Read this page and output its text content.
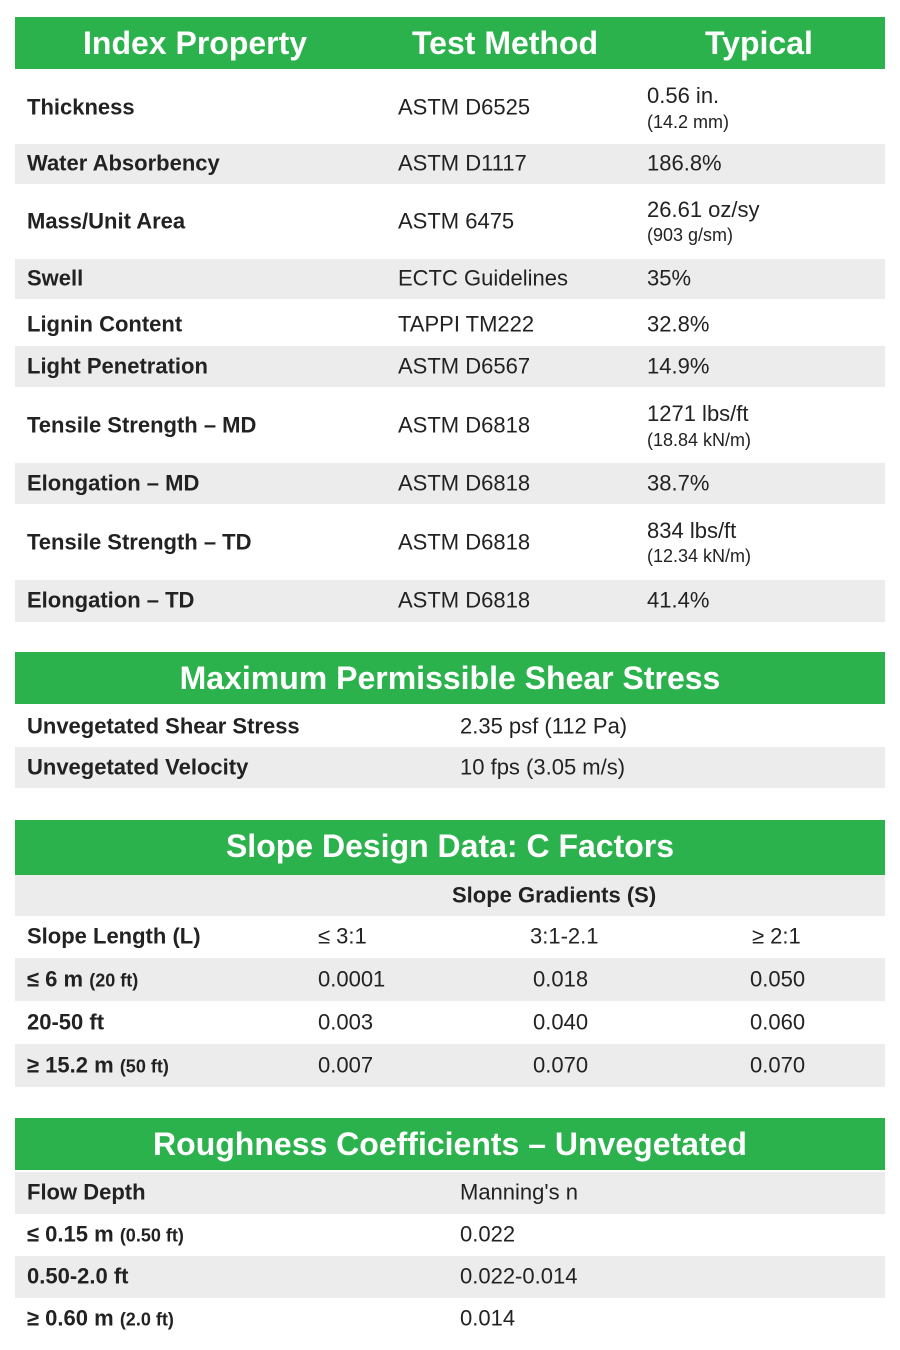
Index Property	Test Method	Typical
Thickness	ASTM D6525	0.56 in.
(14.2 mm)
Water Absorbency	ASTM D1117	186.8%
Mass/Unit Area	ASTM 6475	26.61 oz/sy
(903 g/sm)
Swell	ECTC Guidelines	35%
Lignin Content	TAPPI TM222	32.8%
Light Penetration	ASTM D6567	14.9%
Tensile Strength – MD	ASTM D6818	1271 lbs/ft
(18.84 kN/m)
Elongation – MD	ASTM D6818	38.7%
Tensile Strength – TD	ASTM D6818	834 lbs/ft
(12.34 kN/m)
Elongation – TD	ASTM D6818	41.4%
Maximum Permissible Shear Stress
Unvegetated Shear Stress	2.35 psf (112 Pa)
Unvegetated Velocity	10 fps (3.05 m/s)
Slope Design Data: C Factors
Slope Gradients (S)
Slope Length (L)	≤ 3:1	3:1-2.1	≥ 2:1
≤ 6 m (20 ft)	0.0001	0.018	0.050
20-50 ft	0.003	0.040	0.060
≥ 15.2 m (50 ft)	0.007	0.070	0.070
Roughness Coefficients – Unvegetated
Flow Depth	Manning's n
≤ 0.15 m (0.50 ft)	0.022
0.50-2.0 ft	0.022-0.014
≥ 0.60 m (2.0 ft)	0.014
